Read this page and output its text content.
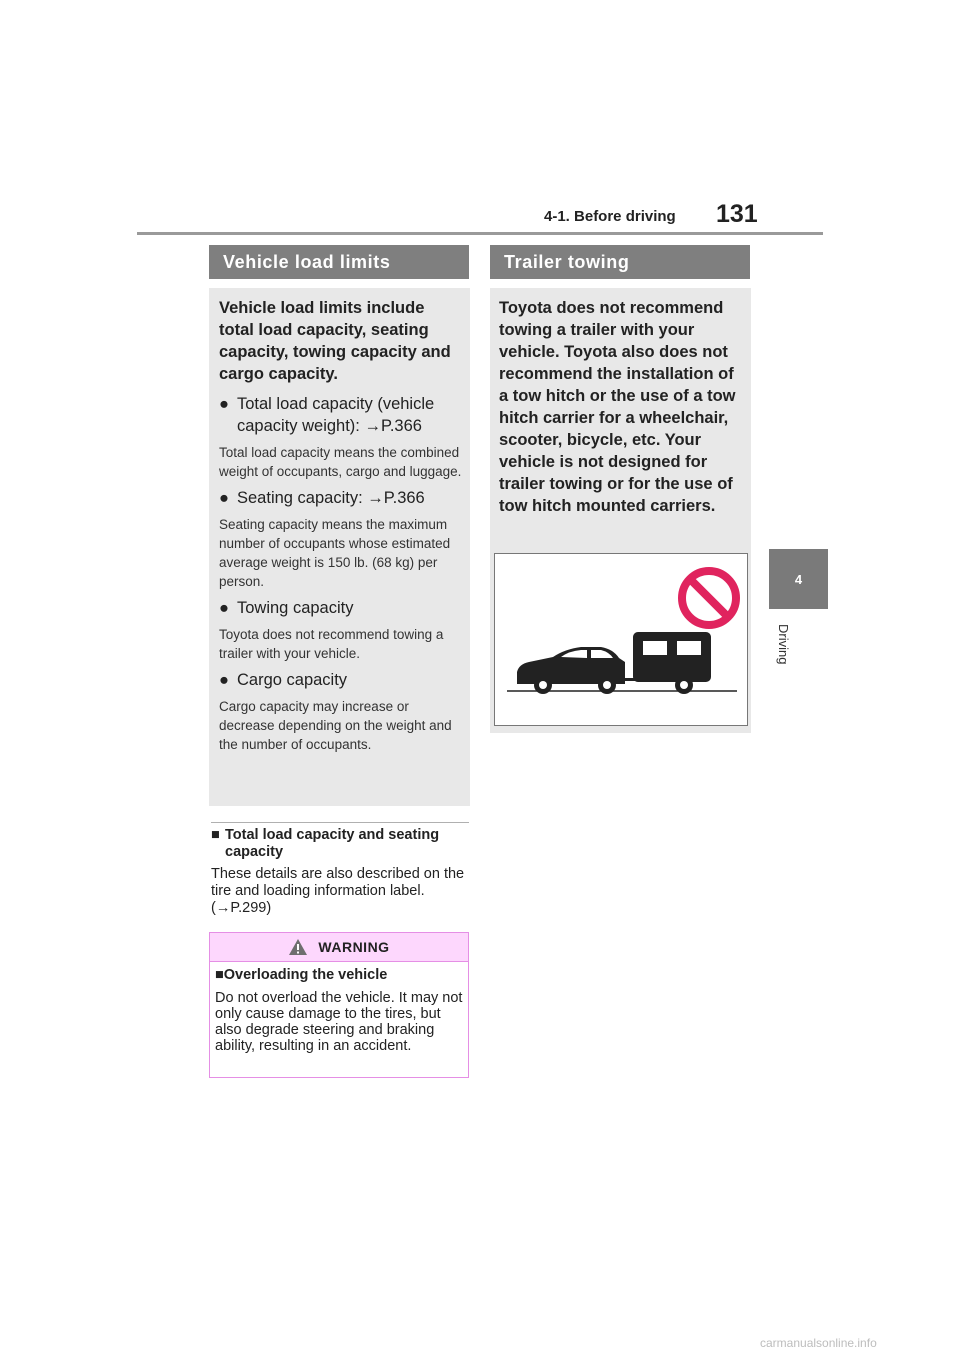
4-1. Before driving 131
4
Driving
Vehicle load limits

Vehicle load limits include total load capacity, seating capacity, towing capacity and cargo capacity.

● Total load capacity (vehicle capacity weight): →P.366
Total load capacity means the combined weight of occupants, cargo and luggage.
● Seating capacity: →P.366
Seating capacity means the maximum number of occupants whose estimated average weight is 150 lb. (68 kg) per person.
● Towing capacity
Toyota does not recommend towing a trailer with your vehicle.
● Cargo capacity
Cargo capacity may increase or decrease depending on the weight and the number of occupants.
■ Total load capacity and seating capacity
These details are also described on the tire and loading information label. (→P.299)
WARNING
■Overloading the vehicle
Do not overload the vehicle. It may not only cause damage to the tires, but also degrade steering and braking ability, resulting in an accident.
Trailer towing

Toyota does not recommend towing a trailer with your vehicle. Toyota also does not recommend the installation of a tow hitch or the use of a tow hitch carrier for a wheelchair, scooter, bicycle, etc. Your vehicle is not designed for trailer towing or for the use of tow hitch mounted carriers.

carmanualsonline.info
